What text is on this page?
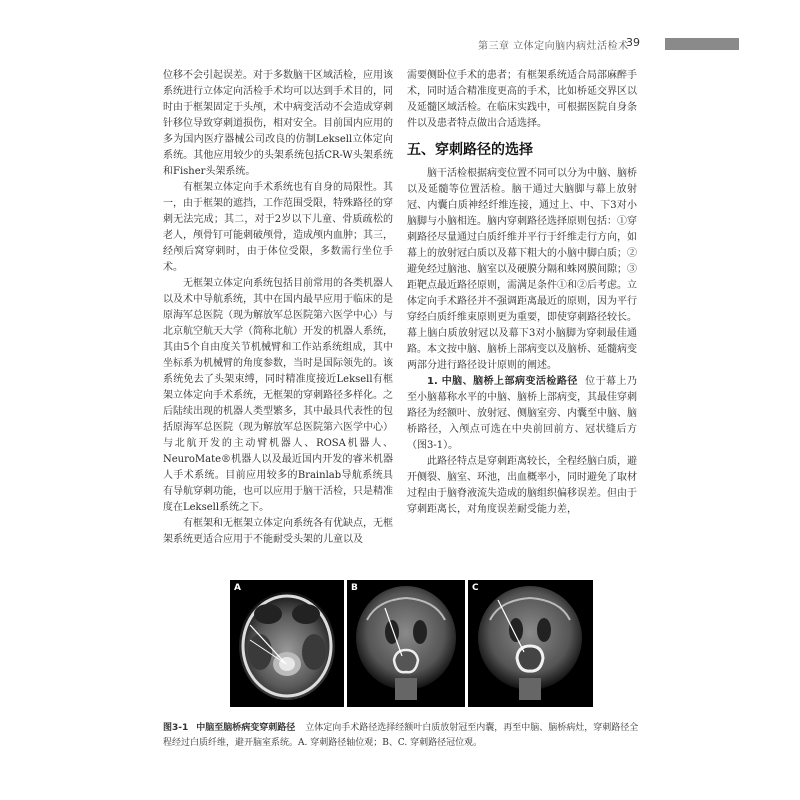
第三章 立体定向脑内病灶活检术
39

位移不会引起误差。对于多数脑干区域活检，应用该系统进行立体定向活检手术均可以达到手术目的，同时由于框架固定于头颅，术中病变活动不会造成穿刺针移位导致穿刺道损伤，相对安全。目前国内应用的多为国内医疗器械公司改良的仿制Leksell立体定向系统。其他应用较少的头架系统包括CR-W头架系统和Fisher头架系统。

有框架立体定向手术系统也有自身的局限性。其一，由于框架的遮挡，工作范围受限，特殊路径的穿刺无法完成；其二，对于2岁以下儿童、骨质疏松的老人，颅骨钉可能刺破颅骨，造成颅内血肿；其三，经颅后窝穿刺时，由于体位受限，多数需行坐位手术。

无框架立体定向系统包括目前常用的各类机器人以及术中导航系统，其中在国内最早应用于临床的是原海军总医院（现为解放军总医院第六医学中心）与北京航空航天大学（简称北航）开发的机器人系统，其由5个自由度关节机械臂和工作站系统组成，其中坐标系为机械臂的角度参数，当时是国际领先的。该系统免去了头架束缚，同时精准度接近Leksell有框架立体定向手术系统，无框架的穿刺路径多样化。之后陆续出现的机器人类型繁多，其中最具代表性的包括原海军总医院（现为解放军总医院第六医学中心）与北航开发的主动臂机器人、ROSA机器人、NeuroMate®机器人以及最近国内开发的睿米机器人手术系统。目前应用较多的Brainlab导航系统具有导航穿刺功能，也可以应用于脑干活检，只是精准度在Leksell系统之下。

有框架和无框架立体定向系统各有优缺点，无框架系统更适合应用于不能耐受头架的儿童以及

需要侧卧位手术的患者；有框架系统适合局部麻醉手术，同时适合精准度更高的手术，比如桥延交界区以及延髓区域活检。在临床实践中，可根据医院自身条件以及患者特点做出合适选择。

五、穿刺路径的选择

脑干活检根据病变位置不同可以分为中脑、脑桥以及延髓等位置活检。脑干通过大脑脚与幕上放射冠、内囊白质神经纤维连接，通过上、中、下3对小脑脚与小脑相连。脑内穿刺路径选择原则包括：①穿刺路径尽量通过白质纤维并平行于纤维走行方向，如幕上的放射冠白质以及幕下粗大的小脑中脚白质；②避免经过脑池、脑室以及硬膜分隔和蛛网膜间隙；③距靶点最近路径原则，需满足条件①和②后考虑。立体定向手术路径并不强调距离最近的原则，因为平行穿经白质纤维束原则更为重要，即使穿刺路径较长。幕上脑白质放射冠以及幕下3对小脑脚为穿刺最佳通路。本文按中脑、脑桥上部病变以及脑桥、延髓病变两部分进行路径设计原则的阐述。

1. 中脑、脑桥上部病变活检路径 位于幕上乃至小脑幕称水平的中脑、脑桥上部病变，其最佳穿刺路径为经额叶、放射冠、侧脑室旁、内囊至中脑、脑桥路径，入颅点可选在中央前回前方、冠状缝后方（图3-1）。

此路径特点是穿刺距离较长，全程经脑白质，避开侧裂、脑室、环池，出血概率小，同时避免了取材过程由于脑脊液流失造成的脑组织偏移误差。但由于穿刺距离长，对角度误差耐受能力差，

A	B	C
图3-1 中脑至脑桥病变穿刺路径 立体定向手术路径选择经额叶白质放射冠至内囊，再至中脑、脑桥病灶，穿刺路径全程经过白质纤维，避开脑室系统。A. 穿刺路径轴位观；B、C. 穿刺路径冠位观。
